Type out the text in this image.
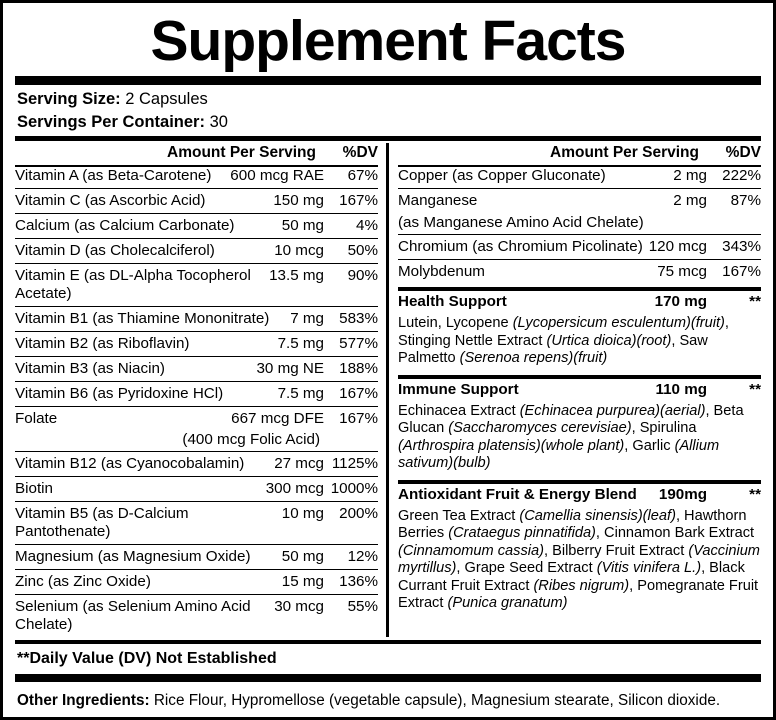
Supplement Facts
Serving Size: 2 Capsules
Servings Per Container: 30
Amount Per Serving	%DV
Vitamin A (as Beta-Carotene)	600 mcg RAE	67%
Vitamin C (as Ascorbic Acid)	150 mg 167%
Calcium (as Calcium Carbonate)	50 mg	4%
Vitamin D (as Cholecalciferol)	10 mcg	50%
Vitamin E (as DL-Alpha Tocopherol Acetate)
13.5 mg	90%
Vitamin B1 (as Thiamine Mononitrate)	7 mg 583%
Vitamin B2 (as Riboflavin)	7.5 mg 577%
Vitamin B3 (as Niacin)	30 mg NE 188%
Vitamin B6 (as Pyridoxine HCl)	7.5 mg 167%
Folate	667 mcg DFE 167%
(400 mcg Folic Acid)
Vitamin B12 (as Cyanocobalamin)	27 mcg 1125%
Biotin	300 mcg 1000%
Vitamin B5 (as D-Calcium Pantothenate)
10 mg 200%
Magnesium (as Magnesium Oxide)	50 mg	12%
Zinc (as Zinc Oxide)	15 mg 136%
Selenium (as Selenium Amino Acid Chelate)
30 mcg	55%
Amount Per Serving	%DV
Copper (as Copper Gluconate)	2 mg 222%
Manganese	2 mg	87%
(as Manganese Amino Acid Chelate)
Chromium (as Chromium Picolinate) 120 mcg 343%
Molybdenum	75 mcg 167%
Health Support	170 mg	**
Lutein, Lycopene (Lycopersicum esculentum)(fruit), Stinging Nettle Extract (Urtica dioica)(root), Saw Palmetto (Serenoa repens)(fruit)
Immune Support	110 mg	**
Echinacea Extract (Echinacea purpurea)(aerial), Beta Glucan (Saccharomyces cerevisiae), Spirulina (Arthrospira platensis)(whole plant), Garlic (Allium sativum)(bulb)
Antioxidant Fruit & Energy Blend	190mg	**
Green Tea Extract (Camellia sinensis)(leaf), Hawthorn Berries (Crataegus pinnatifida), Cinnamon Bark Extract (Cinnamomum cassia), Bilberry Fruit Extract (Vaccinium myrtillus), Grape Seed Extract (Vitis vinifera L.), Black Currant Fruit Extract (Ribes nigrum), Pomegranate Fruit Extract (Punica granatum)
**Daily Value (DV) Not Established
Other Ingredients: Rice Flour, Hypromellose (vegetable capsule), Magnesium stearate, Silicon dioxide.
